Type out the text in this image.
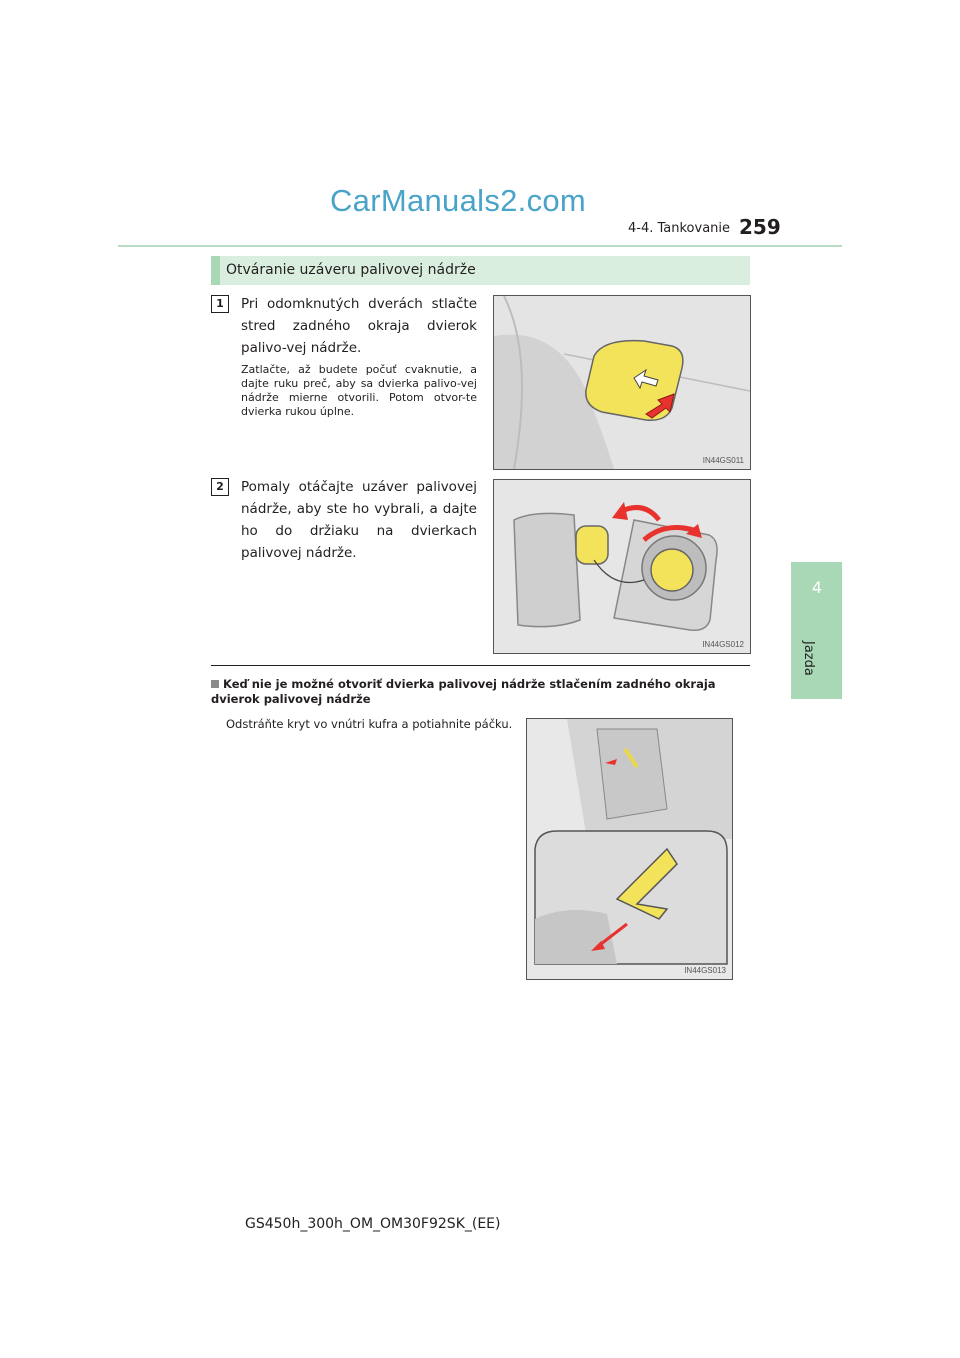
CarManuals2.com
4-4. Tankovanie 259
4
Jazda
Otváranie uzáveru palivovej nádrže
1	Pri odomknutých dverách stlačte stred zadného okraja dvierok palivo-vej nádrže.
Zatlačte, až budete počuť cvaknutie, a dajte ruku preč, aby sa dvierka palivo-vej nádrže mierne otvorili. Potom otvor-te dvierka rukou úplne.
IN44GS011
2	Pomaly otáčajte uzáver palivovej nádrže, aby ste ho vybrali, a dajte ho do držiaku na dvierkach palivovej nádrže.
IN44GS012
Keď nie je možné otvoriť dvierka palivovej nádrže stlačením zadného okraja dvierok palivovej nádrže
Odstráňte kryt vo vnútri kufra a potiahnite páčku.
IN44GS013
GS450h_300h_OM_OM30F92SK_(EE)
